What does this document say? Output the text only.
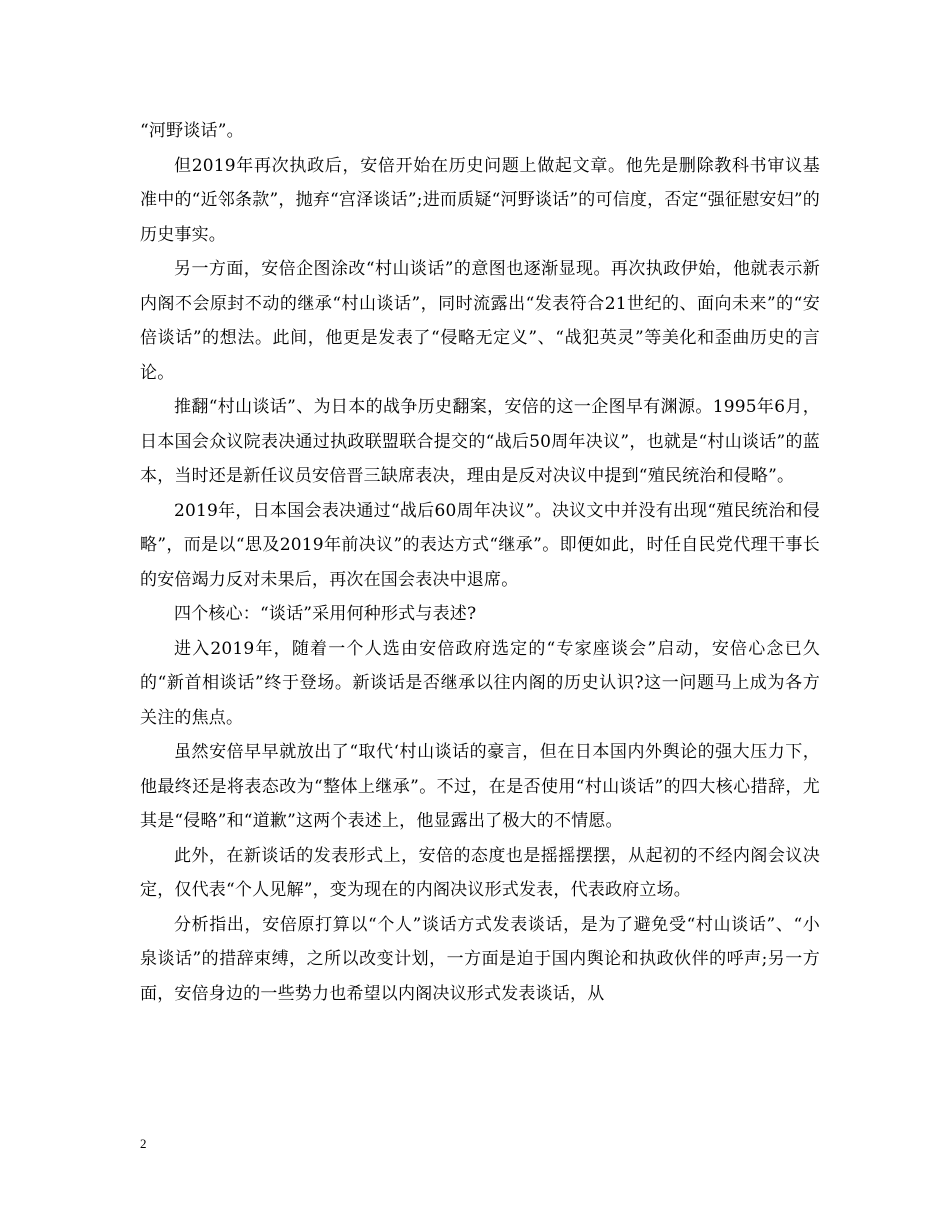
“河野谈话”。

但2019年再次执政后，安倍开始在历史问题上做起文章。他先是删除教科书审议基准中的“近邻条款”，抛弃“宫泽谈话”;进而质疑“河野谈话”的可信度，否定“强征慰安妇”的历史事实。

另一方面，安倍企图涂改“村山谈话”的意图也逐渐显现。再次执政伊始，他就表示新内阁不会原封不动的继承“村山谈话”，同时流露出“发表符合21世纪的、面向未来”的“安倍谈话”的想法。此间，他更是发表了“侵略无定义”、“战犯英灵”等美化和歪曲历史的言论。

推翻“村山谈话”、为日本的战争历史翻案，安倍的这一企图早有渊源。1995年6月，日本国会众议院表决通过执政联盟联合提交的“战后50周年决议”，也就是“村山谈话”的蓝本，当时还是新任议员安倍晋三缺席表决，理由是反对决议中提到“殖民统治和侵略”。

2019年，日本国会表决通过“战后60周年决议”。决议文中并没有出现“殖民统治和侵略”，而是以“思及2019年前决议”的表达方式“继承”。即便如此，时任自民党代理干事长的安倍竭力反对未果后，再次在国会表决中退席。

四个核心：“谈话”采用何种形式与表述?

进入2019年，随着一个人选由安倍政府选定的“专家座谈会”启动，安倍心念已久的“新首相谈话”终于登场。新谈话是否继承以往内阁的历史认识?这一问题马上成为各方关注的焦点。

虽然安倍早早就放出了“取代‘村山谈话的豪言，但在日本国内外舆论的强大压力下，他最终还是将表态改为“整体上继承”。不过，在是否使用“村山谈话”的四大核心措辞，尤其是“侵略”和“道歉”这两个表述上，他显露出了极大的不情愿。

此外，在新谈话的发表形式上，安倍的态度也是摇摇摆摆，从起初的不经内阁会议决定，仅代表“个人见解”，变为现在的内阁决议形式发表，代表政府立场。

分析指出，安倍原打算以“个人”谈话方式发表谈话，是为了避免受“村山谈话”、“小泉谈话”的措辞束缚，之所以改变计划，一方面是迫于国内舆论和执政伙伴的呼声;另一方面，安倍身边的一些势力也希望以内阁决议形式发表谈话，从

2
